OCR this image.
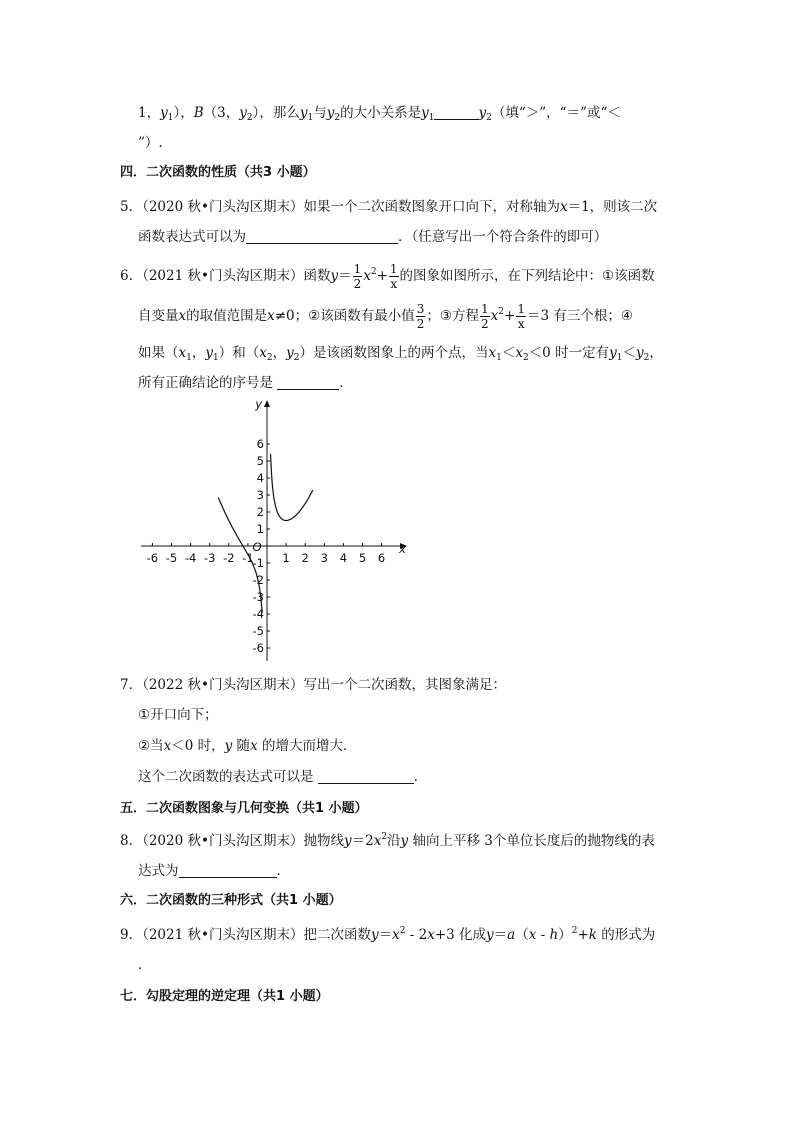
1，$y_1$），B（3，$y_2$），那么$y_1$与$y_2$的大小关系是$y_1$	$y_2$（填“＞”，“＝”或“＜
”）.
四．二次函数的性质（共3 小题）
5．（2020 秋•门头沟区期末）如果一个二次函数图象开口向下，对称轴为x＝1，则该二次
函数表达式可以为	．（任意写出一个符合条件的即可）
6．（2021 秋•门头沟区期末）函数$y= \frac{1}{2} x^2+ \frac{1}{x}$ 的图象如图所示，在下列结论中：①该函数
自变量x的取值范围是x≠0；②该函数有最小值 $\frac{3}{2}$ ；③方程 $\frac{1}{2} x^2+ \frac{1}{x} =3$ 有三个根；④
如果（$x_1$，$y_1$）和（$x_2$，$y_2$）是该函数图象上的两个点，当$x_1<x_2<0$ 时一定有$y_1<y_2$，
所有正确结论的序号是	．
-6 -5 -4 -3 -2 -1	1 2 3 4 5 6
6
5
4
3
2
1
-1
-2
-3
-4
-5
-6
y
x
O
7．（2022 秋•门头沟区期末）写出一个二次函数，其图象满足：
①开口向下；
②当x＜0 时，y 随x 的增大而增大．
这个二次函数的表达式可以是	．
五．二次函数图象与几何变换（共1 小题）
8．（2020 秋•门头沟区期末）抛物线$y=2x^2$沿y 轴向上平移 3个单位长度后的抛物线的表
达式为	．
六．二次函数的三种形式（共1 小题）
9．（2021 秋•门头沟区期末）把二次函数$y=x^2 - 2x+3$ 化成y＝a（x - h）$^2$+k 的形式为
．
七．勾股定理的逆定理（共1 小题）
